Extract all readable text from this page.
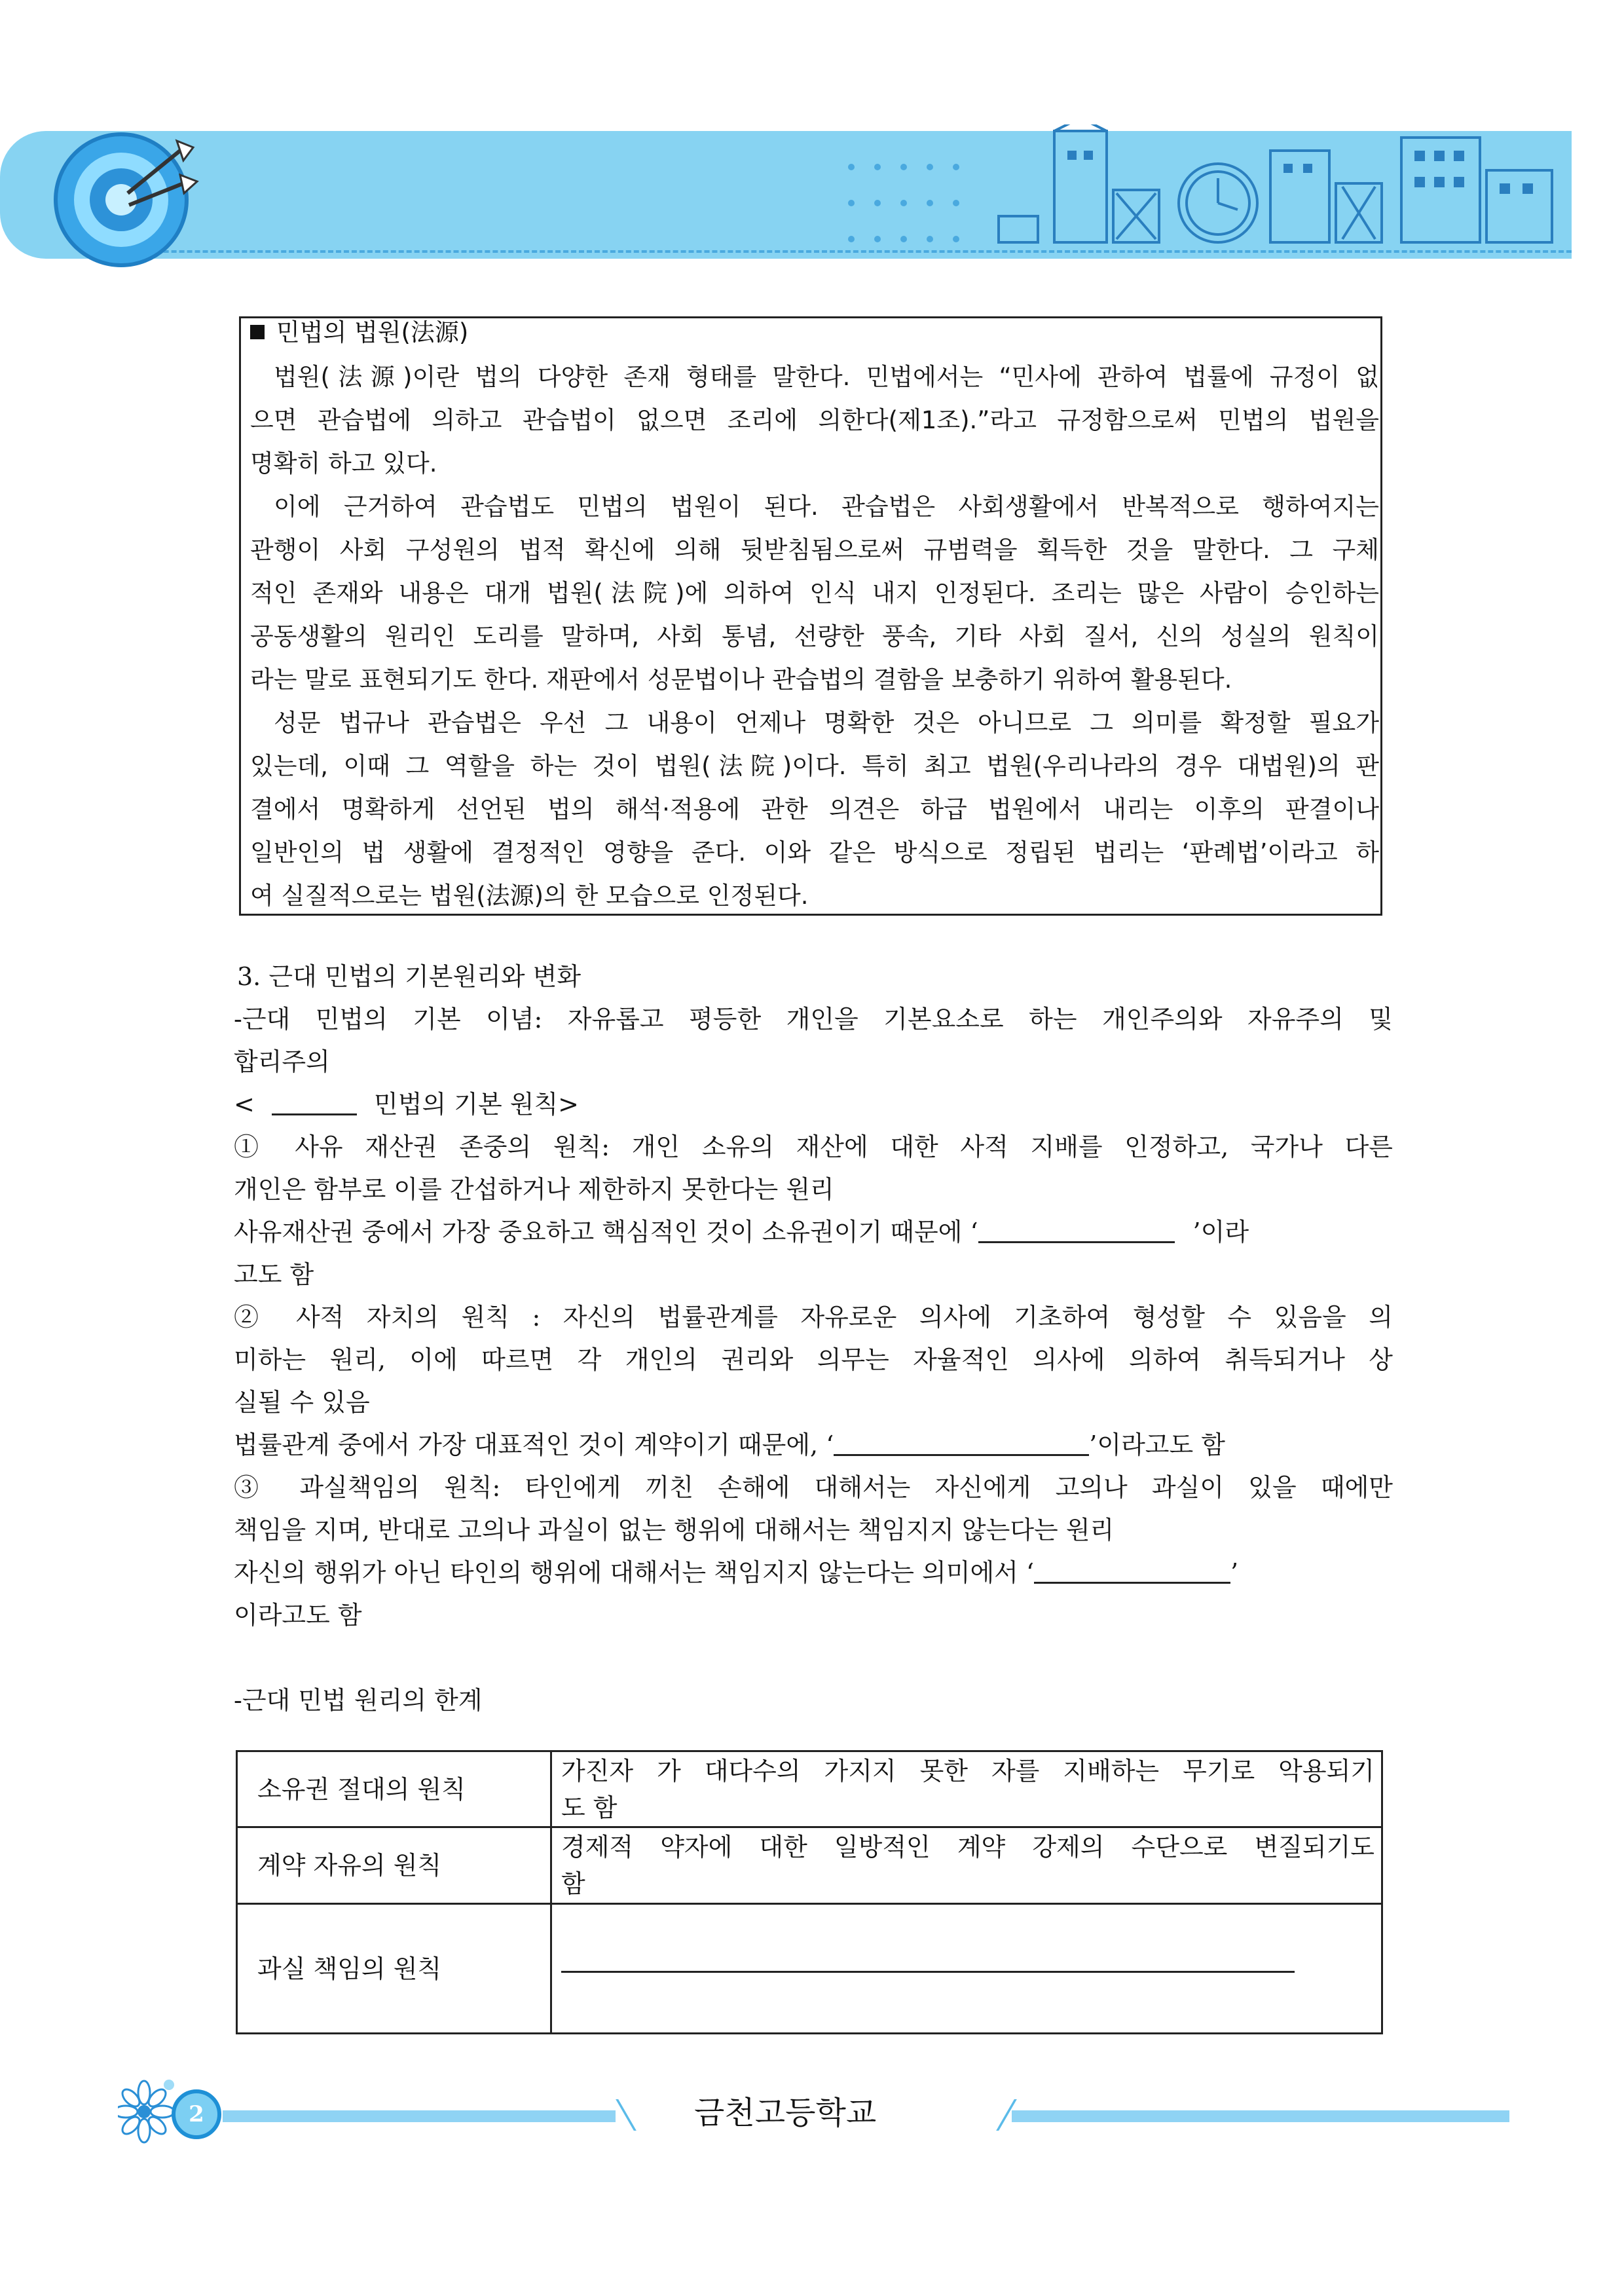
민법의 법원(法源)
법원(法源)이란 법의 다양한 존재 형태를 말한다. 민법에서는 “민사에 관하여 법률에 규정이 없
으면 관습법에 의하고 관습법이 없으면 조리에 의한다(제1조).”라고 규정함으로써 민법의 법원을
명확히 하고 있다.
이에 근거하여 관습법도 민법의 법원이 된다. 관습법은 사회생활에서 반복적으로 행하여지는
관행이 사회 구성원의 법적 확신에 의해 뒷받침됨으로써 규범력을 획득한 것을 말한다. 그 구체
적인 존재와 내용은 대개 법원(法院)에 의하여 인식 내지 인정된다. 조리는 많은 사람이 승인하는
공동생활의 원리인 도리를 말하며, 사회 통념, 선량한 풍속, 기타 사회 질서, 신의 성실의 원칙이
라는 말로 표현되기도 한다. 재판에서 성문법이나 관습법의 결함을 보충하기 위하여 활용된다.
성문 법규나 관습법은 우선 그 내용이 언제나 명확한 것은 아니므로 그 의미를 확정할 필요가
있는데, 이때 그 역할을 하는 것이 법원(法院)이다. 특히 최고 법원(우리나라의 경우 대법원)의 판
결에서 명확하게 선언된 법의 해석·적용에 관한 의견은 하급 법원에서 내리는 이후의 판결이나
일반인의 법 생활에 결정적인 영향을 준다. 이와 같은 방식으로 정립된 법리는 ‘판례법’이라고 하
여 실질적으로는 법원(法源)의 한 모습으로 인정된다.
3. 근대 민법의 기본원리와 변화
-근대 민법의 기본 이념: 자유롭고 평등한 개인을 기본요소로 하는 개인주의와 자유주의 및
합리주의
<	민법의 기본 원칙>
① 사유 재산권 존중의 원칙: 개인 소유의 재산에 대한 사적 지배를 인정하고, 국가나 다른
개인은 함부로 이를 간섭하거나 제한하지 못한다는 원리
사유재산권 중에서 가장 중요하고 핵심적인 것이 소유권이기 때문에 ‘	’이라
고도 함
② 사적 자치의 원칙 : 자신의 법률관계를 자유로운 의사에 기초하여 형성할 수 있음을 의
미하는 원리, 이에 따르면 각 개인의 권리와 의무는 자율적인 의사에 의하여 취득되거나 상
실될 수 있음
법률관계 중에서 가장 대표적인 것이 계약이기 때문에, ‘	’이라고도 함
③ 과실책임의 원칙: 타인에게 끼친 손해에 대해서는 자신에게 고의나 과실이 있을 때에만
책임을 지며, 반대로 고의나 과실이 없는 행위에 대해서는 책임지지 않는다는 원리
자신의 행위가 아닌 타인의 행위에 대해서는 책임지지 않는다는 의미에서 ‘	’
이라고도 함
-근대 민법 원리의 한계
소유권 절대의 원칙	가진자 가 대다수의 가지지 못한 자를 지배하는 무기로 악용되기
도 함

계약 자유의 원칙	경제적 약자에 대한 일방적인 계약 강제의 수단으로 변질되기도
함

과실 책임의 원칙	
2	금천고등학교
